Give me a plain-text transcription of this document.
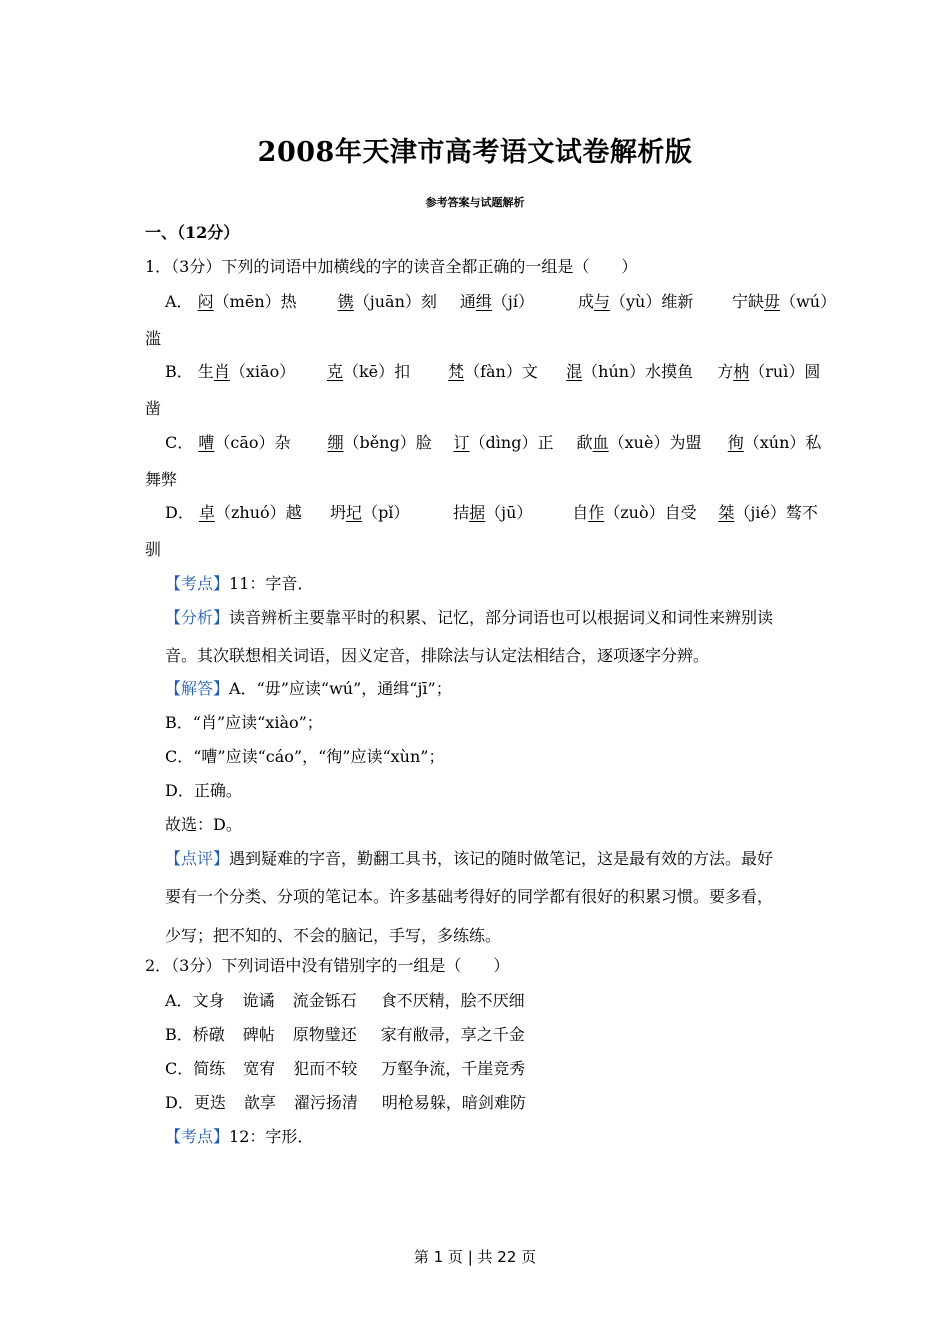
2008年天津市高考语文试卷解析版
参考答案与试题解析
一、（12分）
1．（3分）下列的词语中加横线的字的读音全都正确的一组是（　　）
A． 闷（mēn）热	镌（juān）刻 通缉（jí）	成与（yù）维新 宁缺毋（wú）
滥
B． 生肖（xiāo） 克（kē）扣 梵（fàn）文 混（hún）水摸鱼 方枘（ruì）圆
凿
C． 嘈（cāo）杂 绷（běng）脸 订（dìng）正 歃血（xuè）为盟 徇（xún）私
舞弊
D． 卓（zhuó）越 坍圮（pǐ）	拮据（jū） 自作（zuò）自受 桀（jié）骜不
驯
【考点】11：字音．
【分析】读音辨析主要靠平时的积累、记忆，部分词语也可以根据词义和词性来辨别读
音。其次联想相关词语，因义定音，排除法与认定法相结合，逐项逐字分辨。
【解答】A．“毋”应读“wú”，通缉“jī”；
B．“肖”应读“xiào”；
C．“嘈”应读“cáo”，“徇”应读“xùn”；
D．正确。
故选：D。
【点评】遇到疑难的字音，勤翻工具书，该记的随时做笔记，这是最有效的方法。最好
要有一个分类、分项的笔记本。许多基础考得好的同学都有很好的积累习惯。要多看，
少写；把不知的、不会的脑记，手写，多练练。
2．（3分）下列词语中没有错别字的一组是（　　）
A．文身 诡谲 流金铄石 食不厌精，脍不厌细
B．桥礅 碑帖 原物璧还 家有敝帚，享之千金
C．简练 宽宥 犯而不较 万壑争流，千崖竞秀
D．更迭 歆享 濯污扬清 明枪易躲，暗剑难防
【考点】12：字形．
第 1 页 | 共 22 页
